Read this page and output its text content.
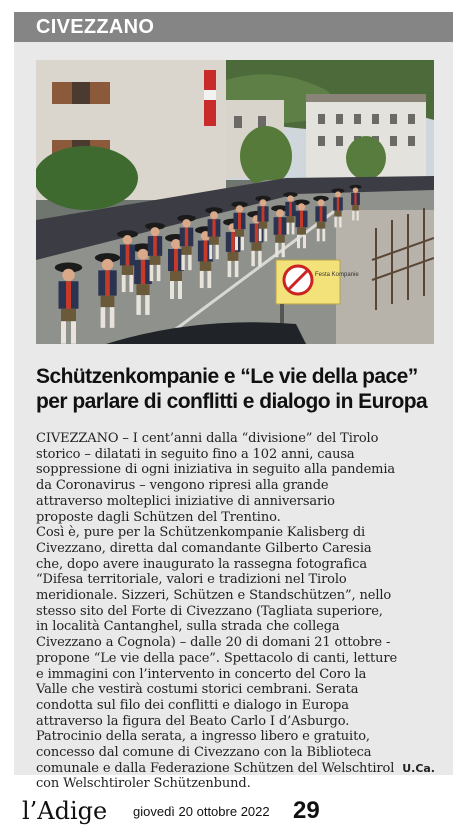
CIVEZZANO
Festa Kompanie
Schützenkompanie e “Le vie della pace”
per parlare di conflitti e dialogo in Europa
CIVEZZANO – I cent’anni dalla “divisione” del Tirolo
storico – dilatati in seguito fino a 102 anni, causa
soppressione di ogni iniziativa in seguito alla pandemia
da Coronavirus – vengono ripresi alla grande
attraverso molteplici iniziative di anniversario
proposte dagli Schützen del Trentino.
Così è, pure per la Schützenkompanie Kalisberg di
Civezzano, diretta dal comandante Gilberto Caresia
che, dopo avere inaugurato la rassegna fotografica
“Difesa territoriale, valori e tradizioni nel Tirolo
meridionale. Sizzeri, Schützen e Standschützen”, nello
stesso sito del Forte di Civezzano (Tagliata superiore,
in località Cantanghel, sulla strada che collega
Civezzano a Cognola) – dalle 20 di domani 21 ottobre -
propone “Le vie della pace”. Spettacolo di canti, letture
e immagini con l’intervento in concerto del Coro la
Valle che vestirà costumi storici cembrani. Serata
condotta sul filo dei conflitti e dialogo in Europa
attraverso la figura del Beato Carlo I d’Asburgo.
Patrocinio della serata, a ingresso libero e gratuito,
concesso dal comune di Civezzano con la Biblioteca
comunale e dalla Federazione Schützen del Welschtirol
con Welschtiroler Schützenbund.
U.Ca.
l’Adige giovedì 20 ottobre 2022 29
